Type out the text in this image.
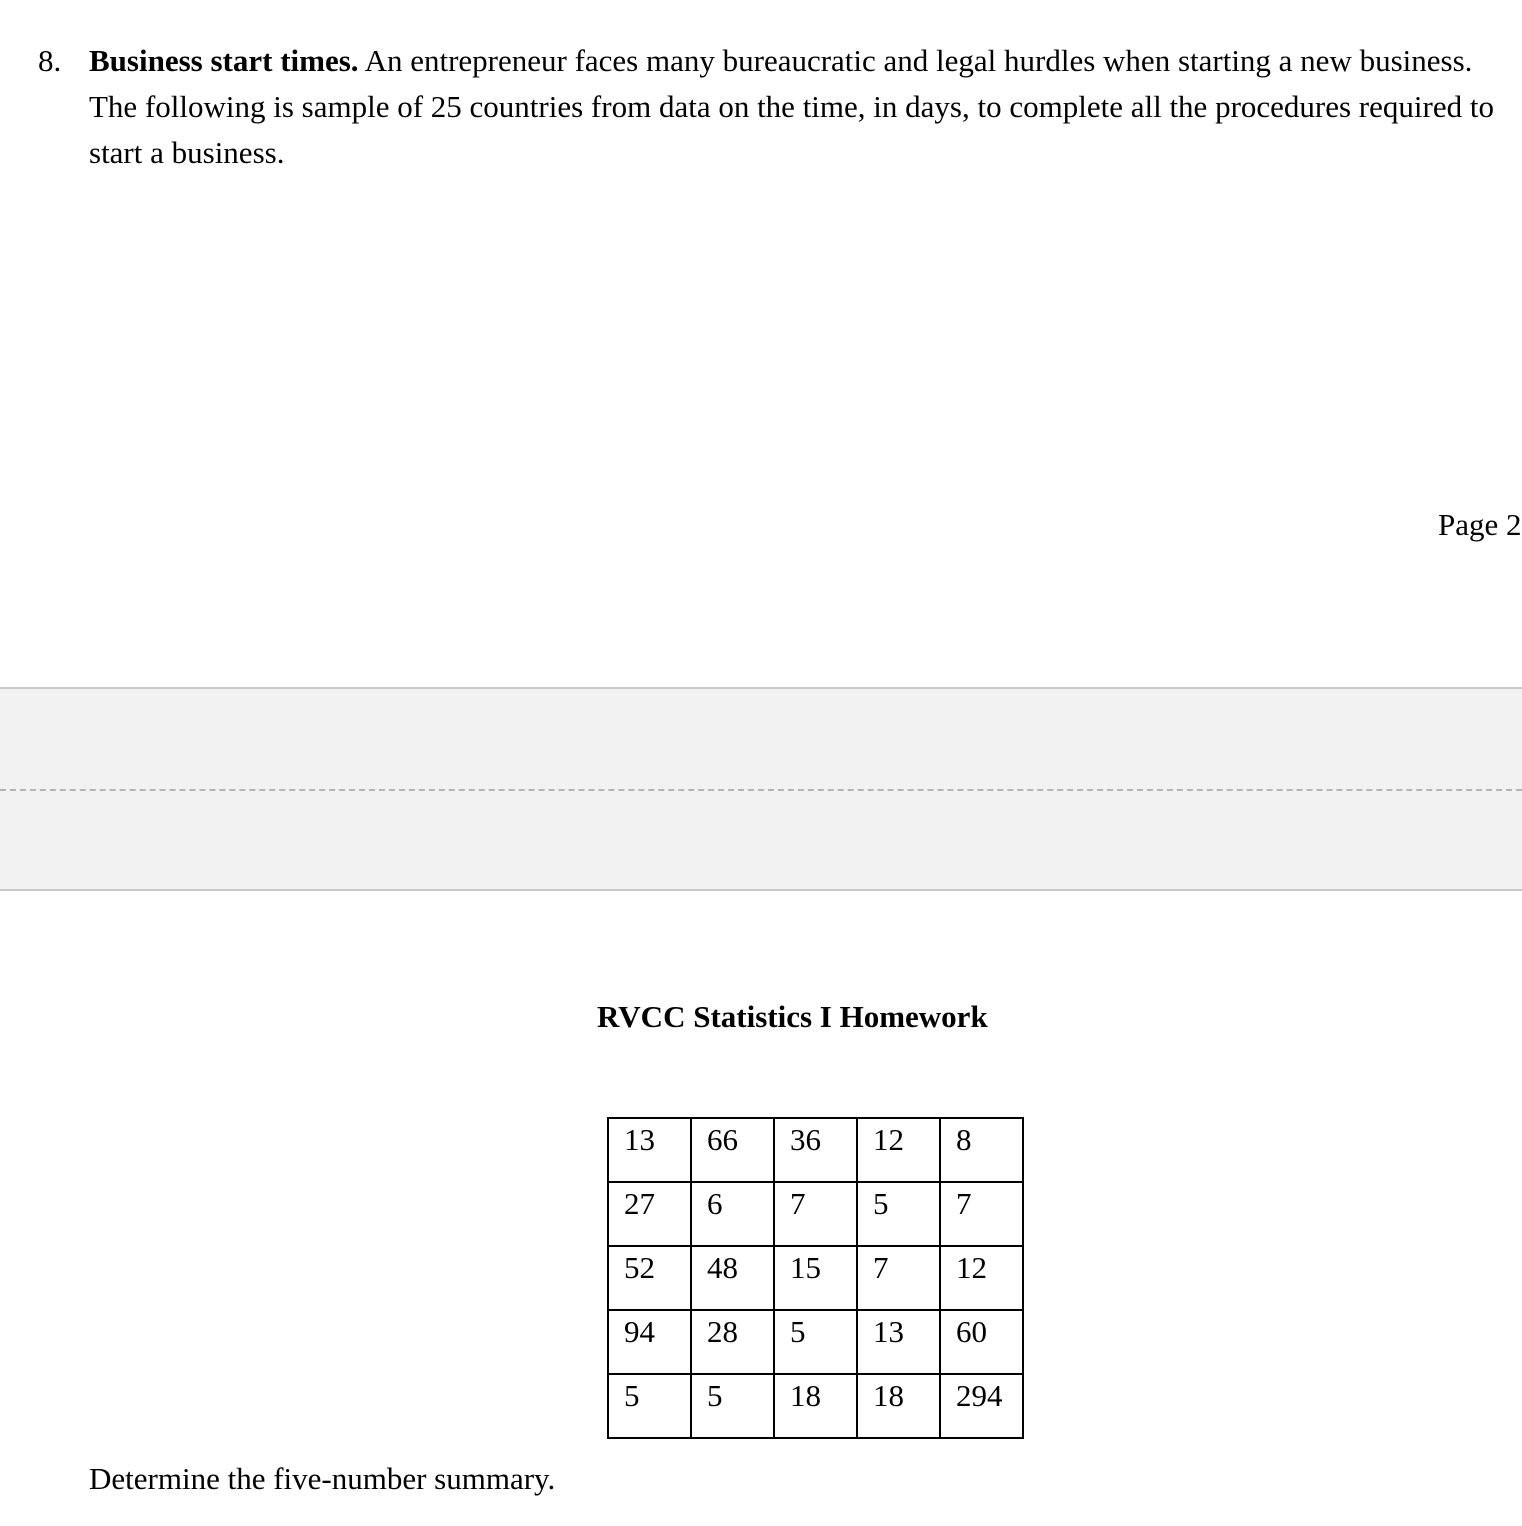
8. Business start times. An entrepreneur faces many bureaucratic and legal hurdles when starting a new business. The following is sample of 25 countries from data on the time, in days, to complete all the procedures required to start a business.
Page 2
RVCC Statistics I Homework
13	66	36	12	8
27	6	7	5	7
52	48	15	7	12
94	28	5	13	60
5	5	18	18	294
Determine the five-number summary.
